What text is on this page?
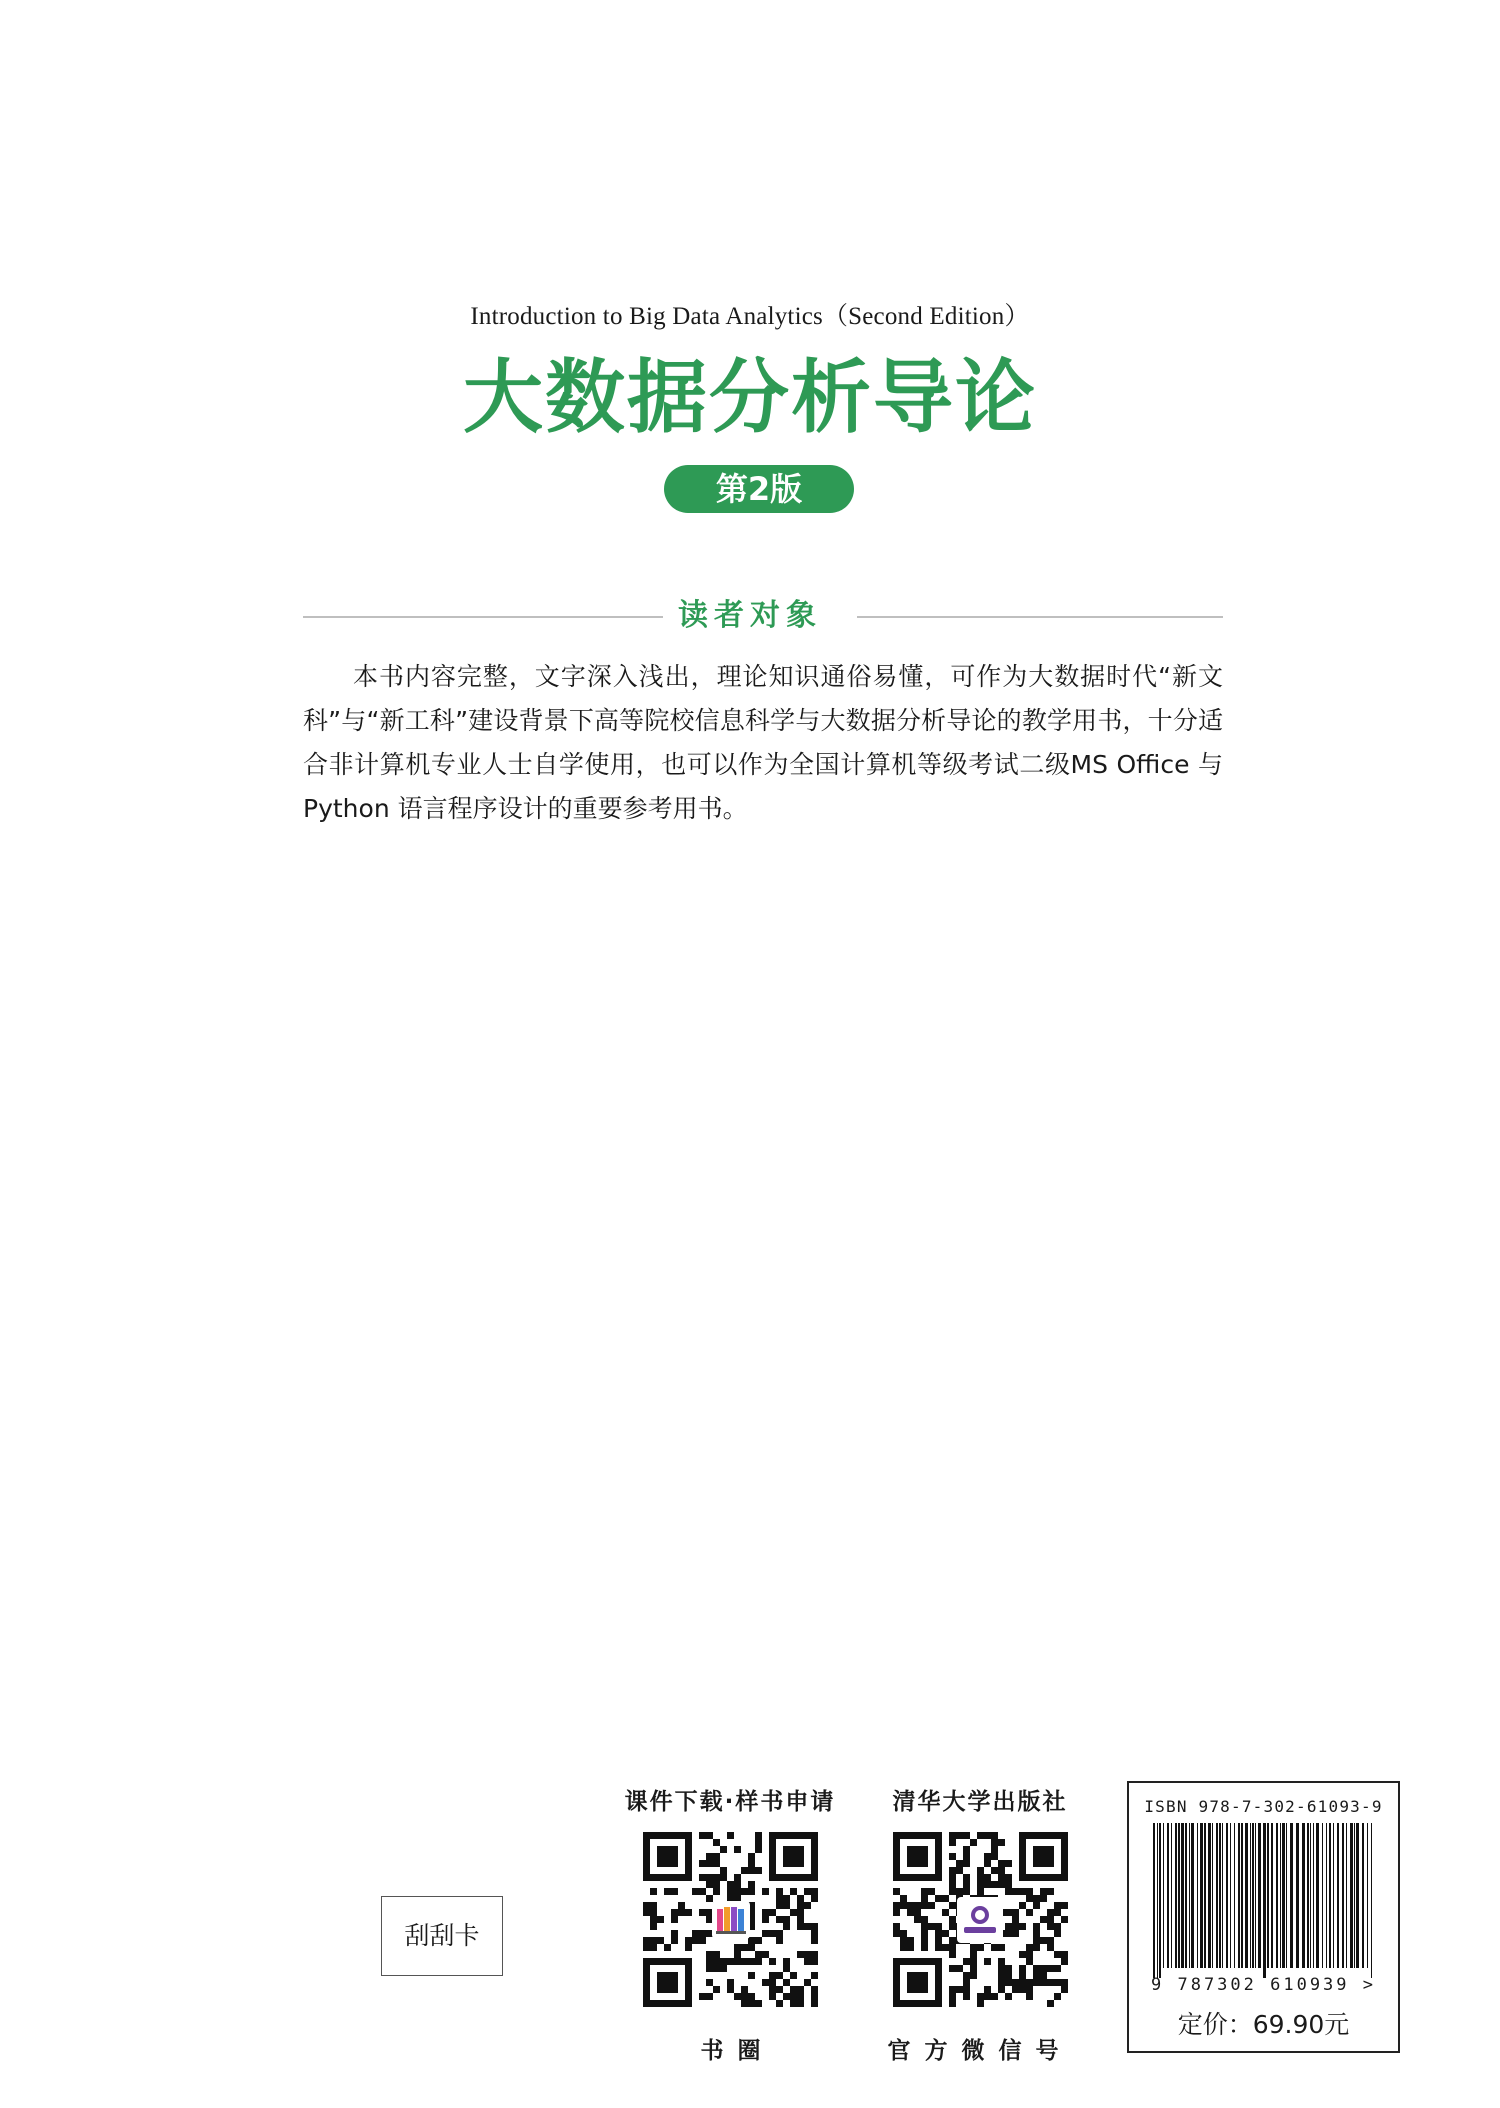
Introduction to Big Data Analytics（Second Edition）
大数据分析导论
第2版
读者对象
本书内容完整，文字深入浅出，理论知识通俗易懂，可作为大数据时代“新文科”与“新工科”建设背景下高等院校信息科学与大数据分析导论的教学用书，十分适合非计算机专业人士自学使用，也可以作为全国计算机等级考试二级MS Office 与 Python 语言程序设计的重要参考用书。
刮刮卡
课件下载·样书申请
书圈
清华大学出版社
官方微信号
ISBN 978-7-302-61093-9
9 787302 610939 >
定价：69.90元
